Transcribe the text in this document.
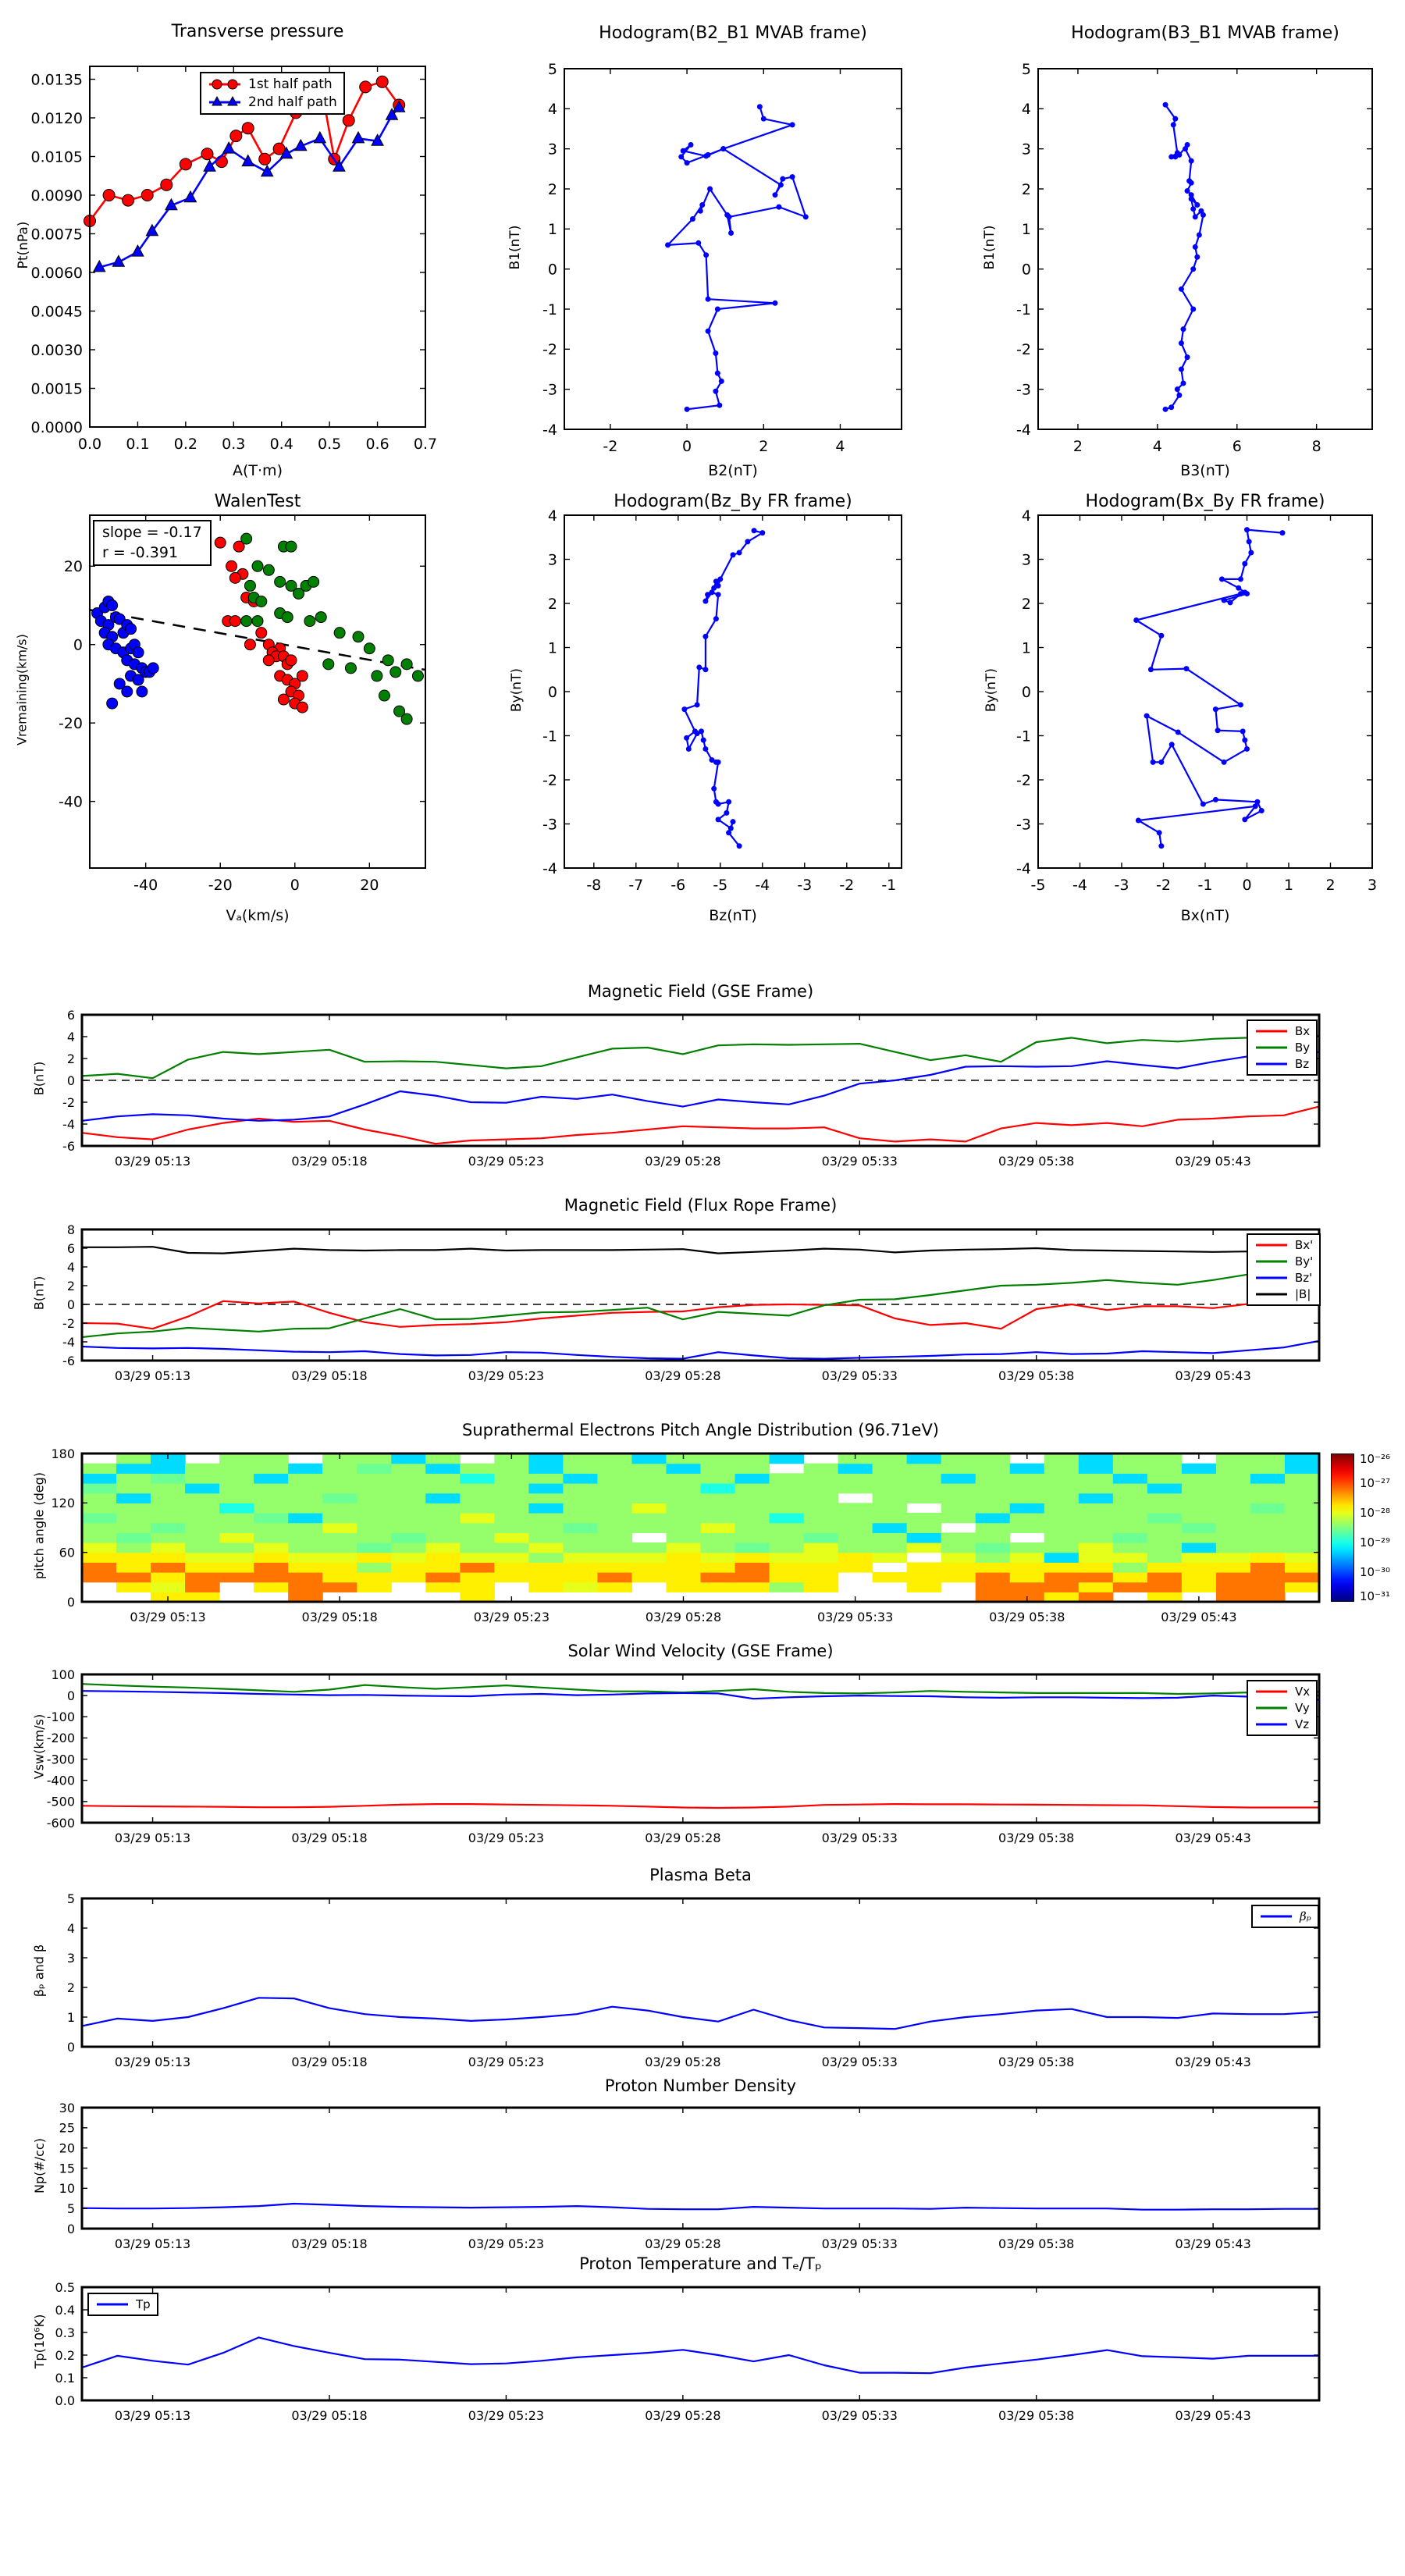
Transverse pressure
Pt(nPa)
A(T·m)
0.0 0.1 0.2 0.3 0.4 0.5 0.6 0.7
0.0000
0.0015
0.0030
0.0045
0.0060
0.0075
0.0090
0.0105
0.0120
0.0135	1st half path
2nd half path
Hodogram(B2_B1 MVAB frame)
B1(nT)
B2(nT)
-2	0	2	4
-4
-3
-2
-1
0
1
2
3
4
5
Hodogram(B3_B1 MVAB frame)
B1(nT)
B3(nT)
2	4	6	8
-4
-3
-2
-1
0
1
2
3
4
5
WalenTest
Vremaining(km/s)
Vₐ(km/s)
-40	-20	0	20
-40
-20
0
20
slope = -0.17
r = -0.391
Hodogram(Bz_By FR frame)
By(nT)
Bz(nT)
-8 -7 -6 -5 -4 -3 -2 -1
-4
-3
-2
-1
0
1
2
3
4
Hodogram(Bx_By FR frame)
By(nT)
Bx(nT)
-5 -4 -3 -2 -1 0 1 2 3
-4
-3
-2
-1
0
1
2
3
4
Magnetic Field (GSE Frame)
B(nT)
03/29 05:13	03/29 05:18	03/29 05:23	03/29 05:28	03/29 05:33	03/29 05:38	03/29 05:43
-6
-4
-2
0
2
4
6
Bx
By
Bz
Magnetic Field (Flux Rope Frame)
B(nT)
03/29 05:13	03/29 05:18	03/29 05:23	03/29 05:28	03/29 05:33	03/29 05:38	03/29 05:43
-6
-4
-2
0
2
4
6
8
Bx'
By'
Bz'
|B|
Suprathermal Electrons Pitch Angle Distribution (96.71eV)
pitch angle (deg)
03/29 05:13	03/29 05:18	03/29 05:23	03/29 05:28	03/29 05:33	03/29 05:38	03/29 05:43
0
60
120
180	10⁻²⁶
10⁻²⁷
10⁻²⁸
10⁻²⁹
10⁻³⁰
10⁻³¹
Solar Wind Velocity (GSE Frame)
Vsw(km/s)
03/29 05:13	03/29 05:18	03/29 05:23	03/29 05:28	03/29 05:33	03/29 05:38	03/29 05:43
-600
-500
-400
-300
-200
-100
0
100
Vx
Vy
Vz
Plasma Beta
βₚ and β
03/29 05:13	03/29 05:18	03/29 05:23	03/29 05:28	03/29 05:33	03/29 05:38	03/29 05:43
0
1
2
3
4
5
βₚ
Proton Number Density
Np(#/cc)
03/29 05:13	03/29 05:18	03/29 05:23	03/29 05:28	03/29 05:33	03/29 05:38	03/29 05:43
0
5
10
15
20
25
30
Proton Temperature and Tₑ/Tₚ
Tp(10⁶K)
03/29 05:13	03/29 05:18	03/29 05:23	03/29 05:28	03/29 05:33	03/29 05:38	03/29 05:43
0.0
0.1
0.2
0.3
0.4
0.5
Tp
